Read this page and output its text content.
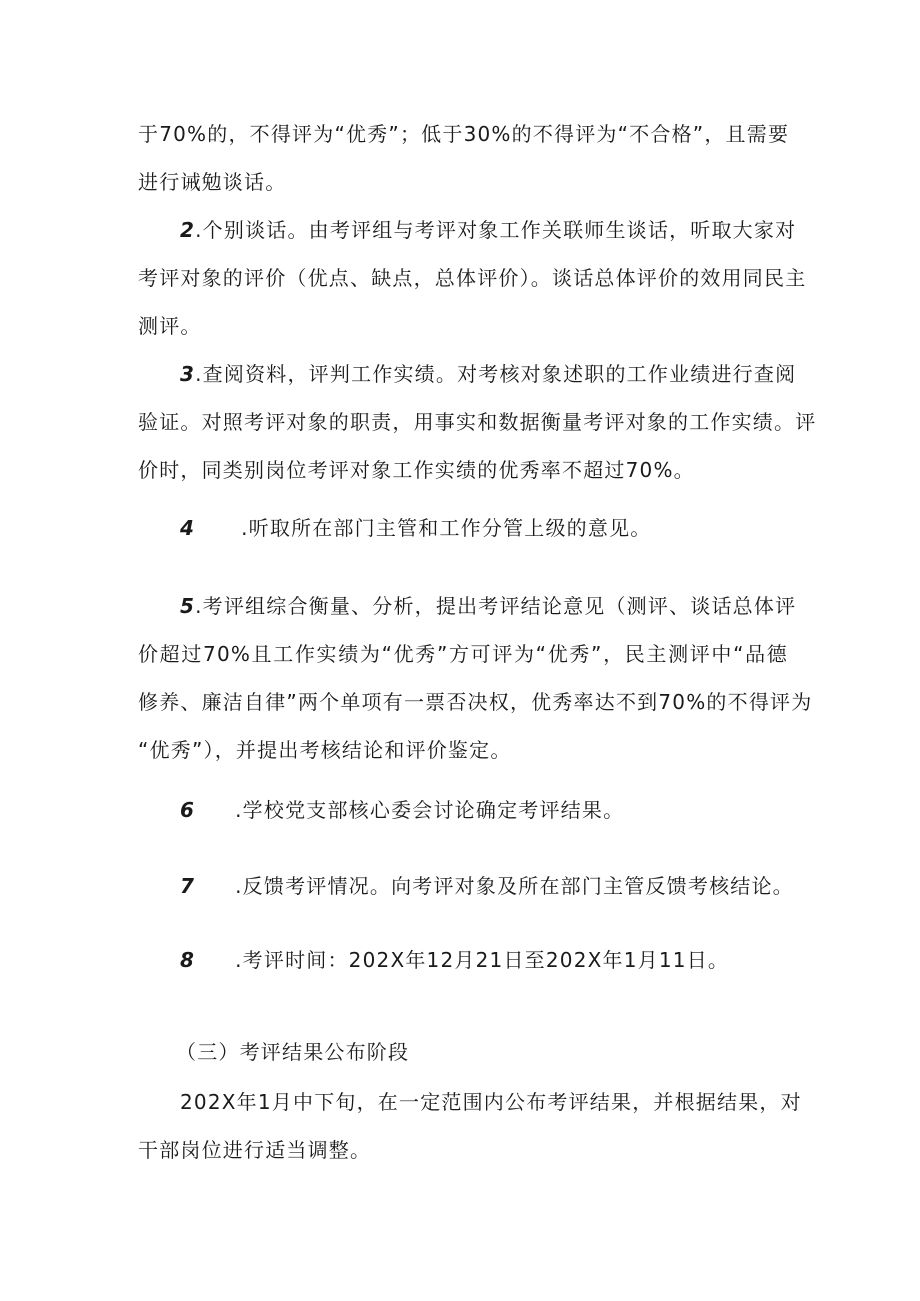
于70%的，不得评为“优秀”；低于30%的不得评为“不合格”，且需要
进行诫勉谈话。
2.个别谈话。由考评组与考评对象工作关联师生谈话，听取大家对
考评对象的评价（优点、缺点，总体评价）。谈话总体评价的效用同民主
测评。
3.查阅资料，评判工作实绩。对考核对象述职的工作业绩进行查阅
验证。对照考评对象的职责，用事实和数据衡量考评对象的工作实绩。评
价时，同类别岗位考评对象工作实绩的优秀率不超过70%。
4 .听取所在部门主管和工作分管上级的意见。
5.考评组综合衡量、分析，提出考评结论意见（测评、谈话总体评
价超过70%且工作实绩为“优秀”方可评为“优秀”，民主测评中“品德
修养、廉洁自律”两个单项有一票否决权，优秀率达不到70%的不得评为
“优秀”），并提出考核结论和评价鉴定。
6 .学校党支部核心委会讨论确定考评结果。
7 .反馈考评情况。向考评对象及所在部门主管反馈考核结论。
8 .考评时间：202X年12月21日至202X年1月11日。
（三）考评结果公布阶段
202X年1月中下旬，在一定范围内公布考评结果，并根据结果，对
干部岗位进行适当调整。
